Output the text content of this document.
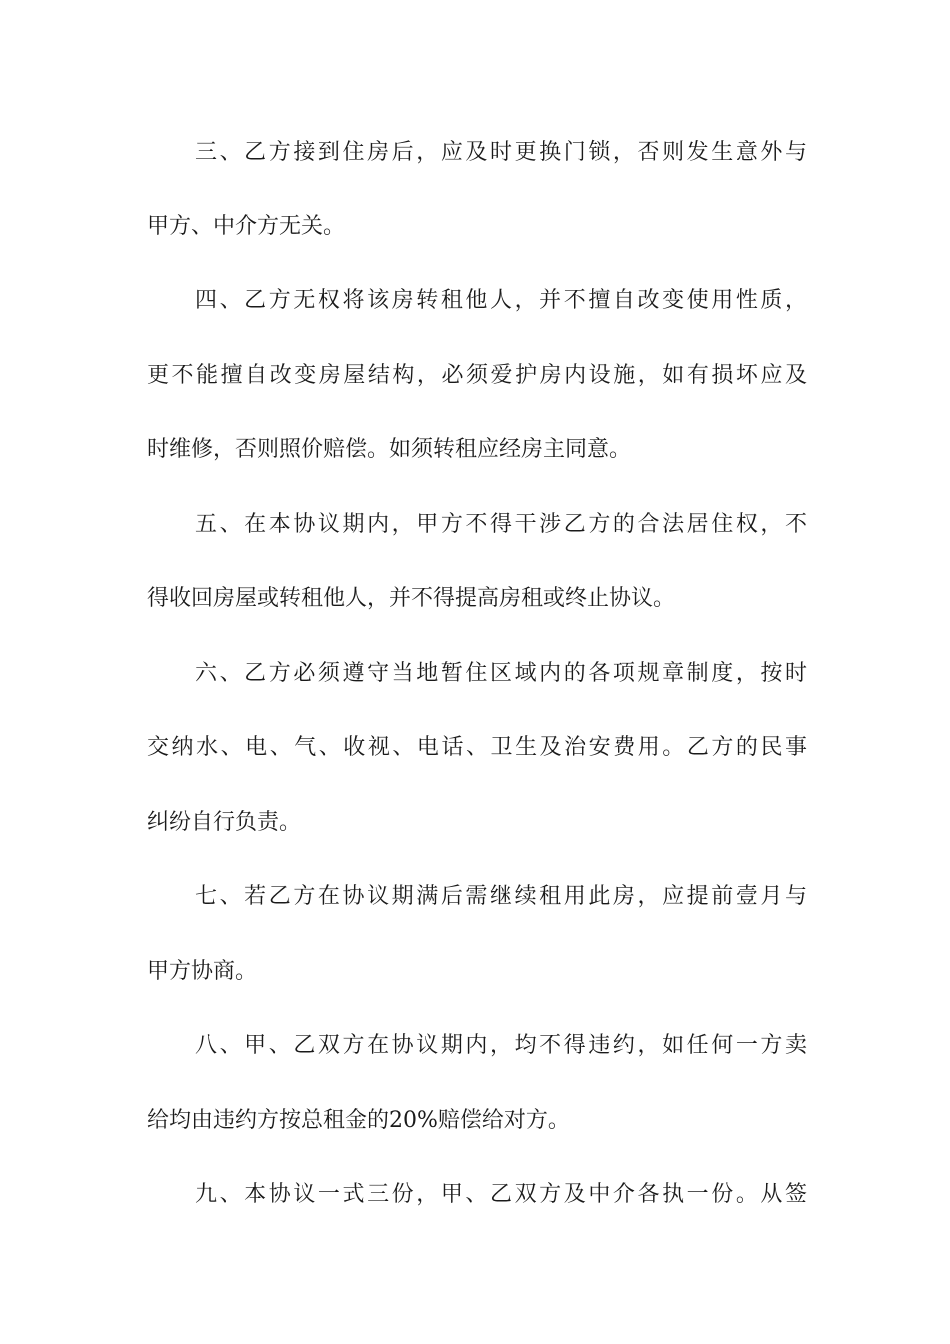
三、乙方接到住房后，应及时更换门锁，否则发生意外与
甲方、中介方无关。
四、乙方无权将该房转租他人，并不擅自改变使用性质，
更不能擅自改变房屋结构，必须爱护房内设施，如有损坏应及
时维修，否则照价赔偿。如须转租应经房主同意。
五、在本协议期内，甲方不得干涉乙方的合法居住权，不
得收回房屋或转租他人，并不得提高房租或终止协议。
六、乙方必须遵守当地暂住区域内的各项规章制度，按时
交纳水、电、气、收视、电话、卫生及治安费用。乙方的民事
纠纷自行负责。
七、若乙方在协议期满后需继续租用此房，应提前壹月与
甲方协商。
八、甲、乙双方在协议期内，均不得违约，如任何一方卖
给均由违约方按总租金的20%赔偿给对方。
九、本协议一式三份，甲、乙双方及中介各执一份。从签
